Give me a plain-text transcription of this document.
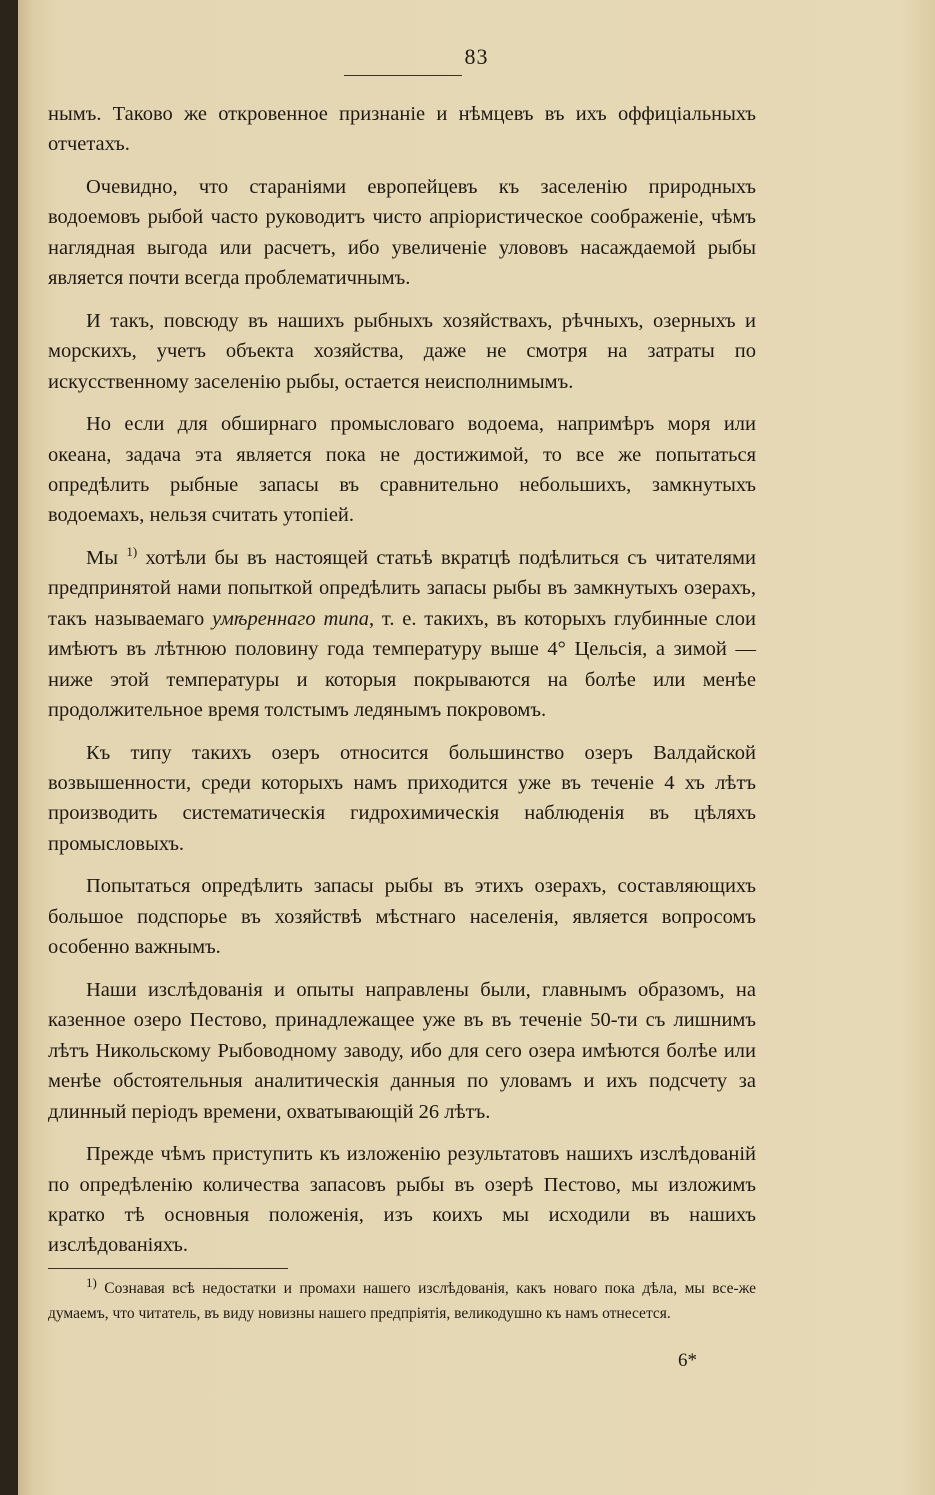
83

нымъ. Таково же откровенное признаніе и нѣмцевъ въ ихъ оффиціальныхъ отчетахъ.

Очевидно, что стараніями европейцевъ къ заселенію природныхъ водоемовъ рыбой часто руководитъ чисто апріористическое соображеніе, чѣмъ наглядная выгода или расчетъ, ибо увеличеніе улововъ насаждаемой рыбы является почти всегда проблематичнымъ.

И такъ, повсюду въ нашихъ рыбныхъ хозяйствахъ, рѣчныхъ, озерныхъ и морскихъ, учетъ объекта хозяйства, даже не смотря на затраты по искусственному заселенію рыбы, остается неисполнимымъ.

Но если для обширнаго промысловаго водоема, напримѣръ моря или океана, задача эта является пока не достижимой, то все же попытаться опредѣлить рыбные запасы въ сравнительно небольшихъ, замкнутыхъ водоемахъ, нельзя считать утопіей.

Мы $^{1)}$ хотѣли бы въ настоящей статьѣ вкратцѣ подѣлиться съ читателями предпринятой нами попыткой опредѣлить запасы рыбы въ замкнутыхъ озерахъ, такъ называемаго умѣреннаго типа, т. е. такихъ, въ которыхъ глубинные слои имѣютъ въ лѣтнюю половину года температуру выше 4° Цельсія, а зимой — ниже этой температуры и которыя покрываются на болѣе или менѣе продолжительное время толстымъ ледянымъ покровомъ.

Къ типу такихъ озеръ относится большинство озеръ Валдайской возвышенности, среди которыхъ намъ приходится уже въ теченіе 4 хъ лѣтъ производить систематическія гидрохимическія наблюденія въ цѣляхъ промысловыхъ.

Попытаться опредѣлить запасы рыбы въ этихъ озерахъ, составляющихъ большое подспорье въ хозяйствѣ мѣстнаго населенія, является вопросомъ особенно важнымъ.

Наши изслѣдованія и опыты направлены были, главнымъ образомъ, на казенное озеро Пестово, принадлежащее уже въ въ теченіе 50-ти съ лишнимъ лѣтъ Никольскому Рыбоводному заводу, ибо для сего озера имѣются болѣе или менѣе обстоятельныя аналитическія данныя по уловамъ и ихъ подсчету за длинный періодъ времени, охватывающій 26 лѣтъ.

Прежде чѣмъ приступить къ изложенію результатовъ нашихъ изслѣдованій по опредѣленію количества запасовъ рыбы въ озерѣ Пестово, мы изложимъ кратко тѣ основныя положенія, изъ коихъ мы исходили въ нашихъ изслѣдованіяхъ.

$^{1)}$ Сознавая всѣ недостатки и промахи нашего изслѣдованія, какъ новаго пока дѣла, мы все-же думаемъ, что читатель, въ виду новизны нашего предпріятія, великодушно къ намъ отнесется.
6*
